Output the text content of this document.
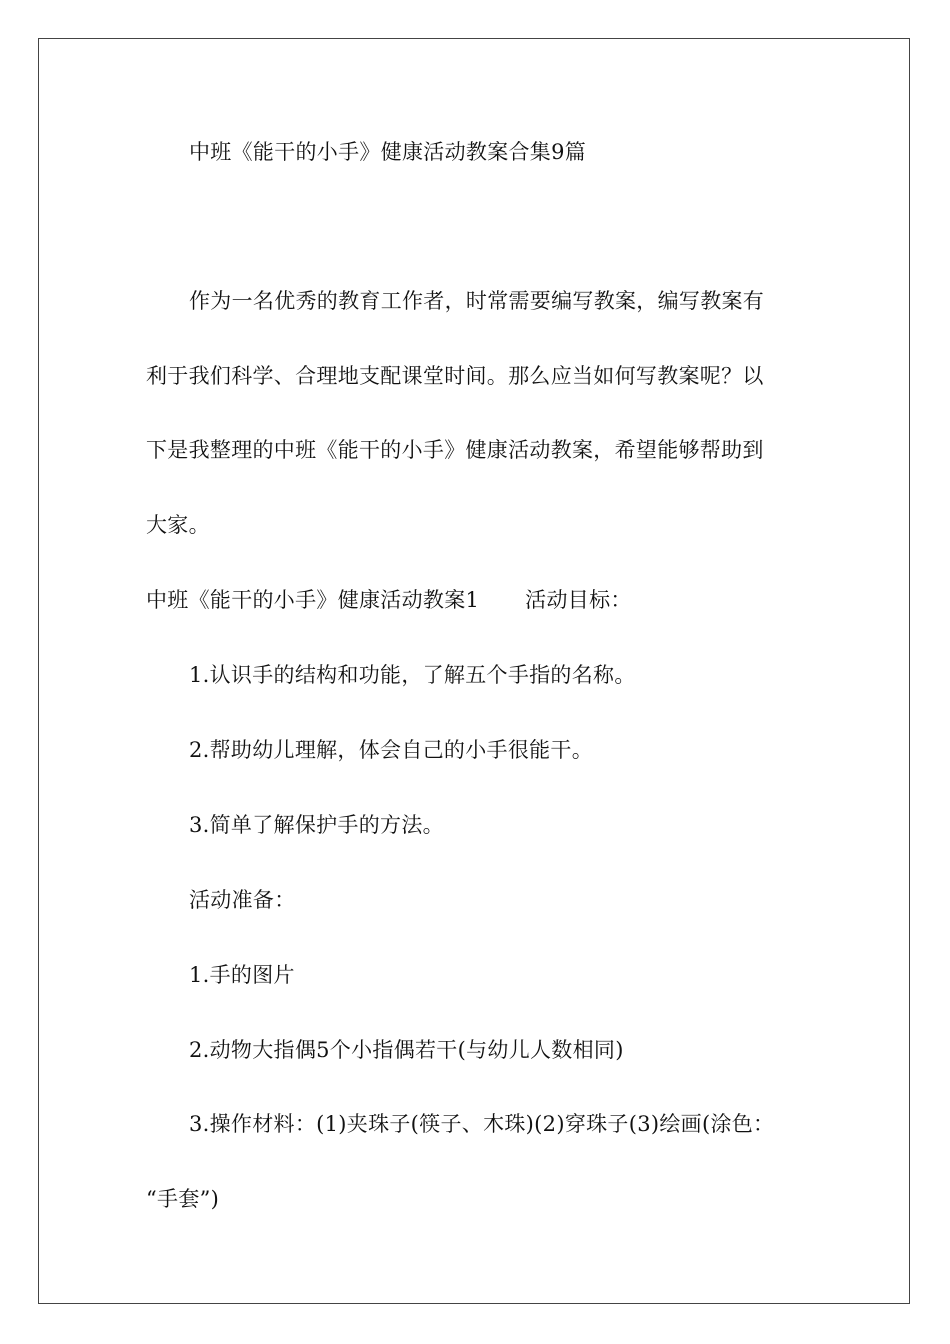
中班《能干的小手》健康活动教案合集9篇
作为一名优秀的教育工作者，时常需要编写教案，编写教案有
利于我们科学、合理地支配课堂时间。那么应当如何写教案呢？以
下是我整理的中班《能干的小手》健康活动教案，希望能够帮助到
大家。
中班《能干的小手》健康活动教案1 活动目标：
1.认识手的结构和功能，了解五个手指的名称。
2.帮助幼儿理解，体会自己的小手很能干。
3.简单了解保护手的方法。
活动准备：
1.手的图片
2.动物大指偶5个小指偶若干(与幼儿人数相同)
3.操作材料：(1)夹珠子(筷子、木珠)(2)穿珠子(3)绘画(涂色：
“手套”)
